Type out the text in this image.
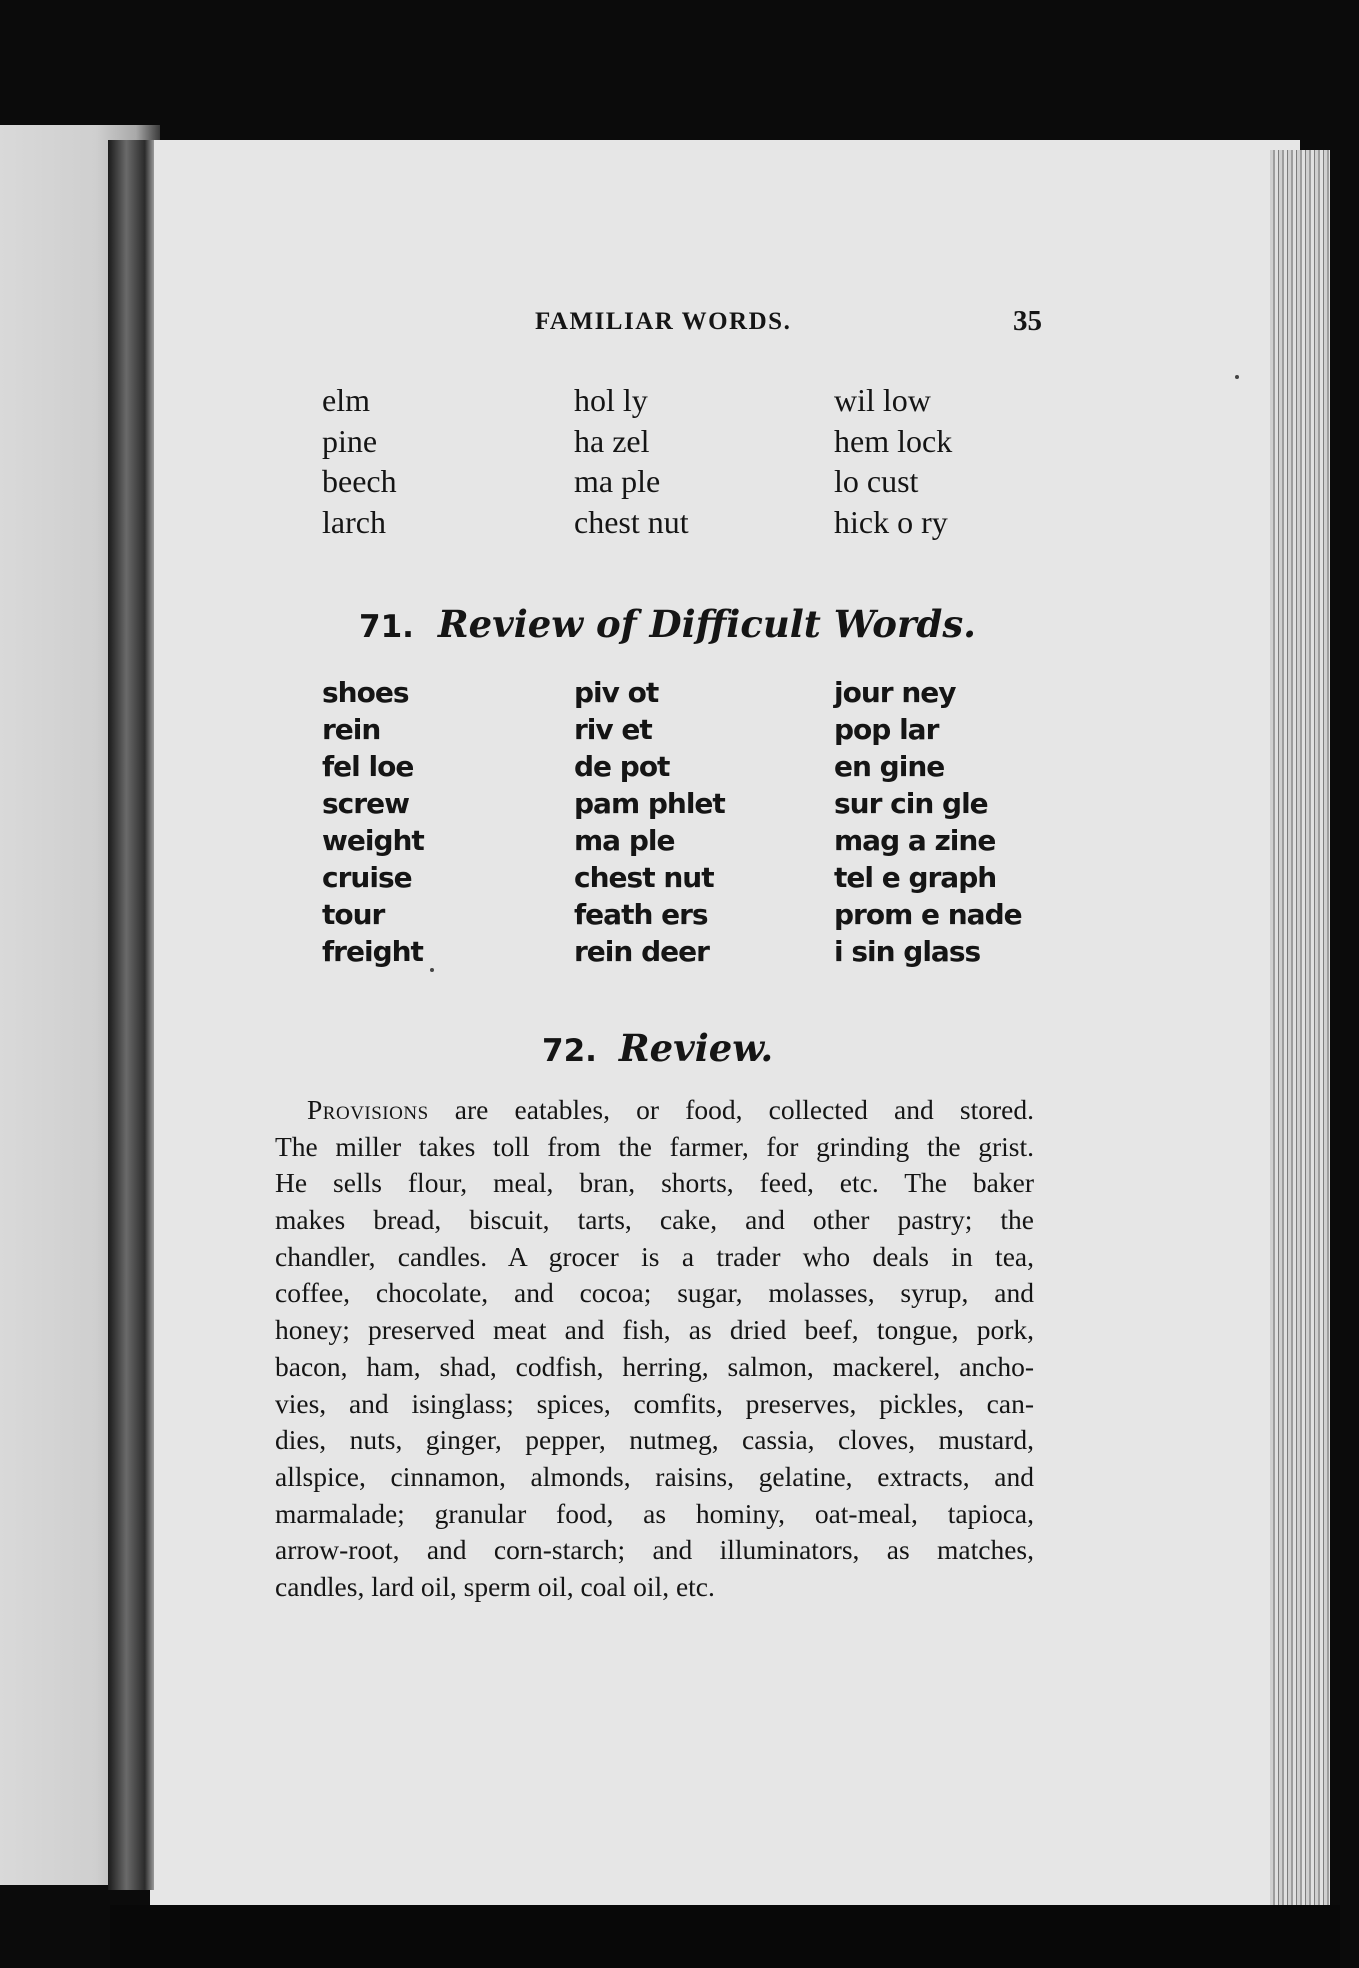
FAMILIAR WORDS.	35
elm
pine
beech
larch
hol ly
ha zel
ma ple
chest nut
wil low
hem lock
lo cust
hick o ry
71. Review of Difficult Words.
shoes
rein
fel loe
screw
weight
cruise
tour
freight
piv ot
riv et
de pot
pam phlet
ma ple
chest nut
feath ers
rein deer
jour ney
pop lar
en gine
sur cin gle
mag a zine
tel e graph
prom e nade
i sin glass
72. Review.
Provisions are eatables, or food, collected and stored.
The miller takes toll from the farmer, for grinding the grist.
He sells flour, meal, bran, shorts, feed, etc. The baker
makes bread, biscuit, tarts, cake, and other pastry; the
chandler, candles. A grocer is a trader who deals in tea,
coffee, chocolate, and cocoa; sugar, molasses, syrup, and
honey; preserved meat and fish, as dried beef, tongue, pork,
bacon, ham, shad, codfish, herring, salmon, mackerel, ancho-
vies, and isinglass; spices, comfits, preserves, pickles, can-
dies, nuts, ginger, pepper, nutmeg, cassia, cloves, mustard,
allspice, cinnamon, almonds, raisins, gelatine, extracts, and
marmalade; granular food, as hominy, oat-meal, tapioca,
arrow-root, and corn-starch; and illuminators, as matches,
candles, lard oil, sperm oil, coal oil, etc.
